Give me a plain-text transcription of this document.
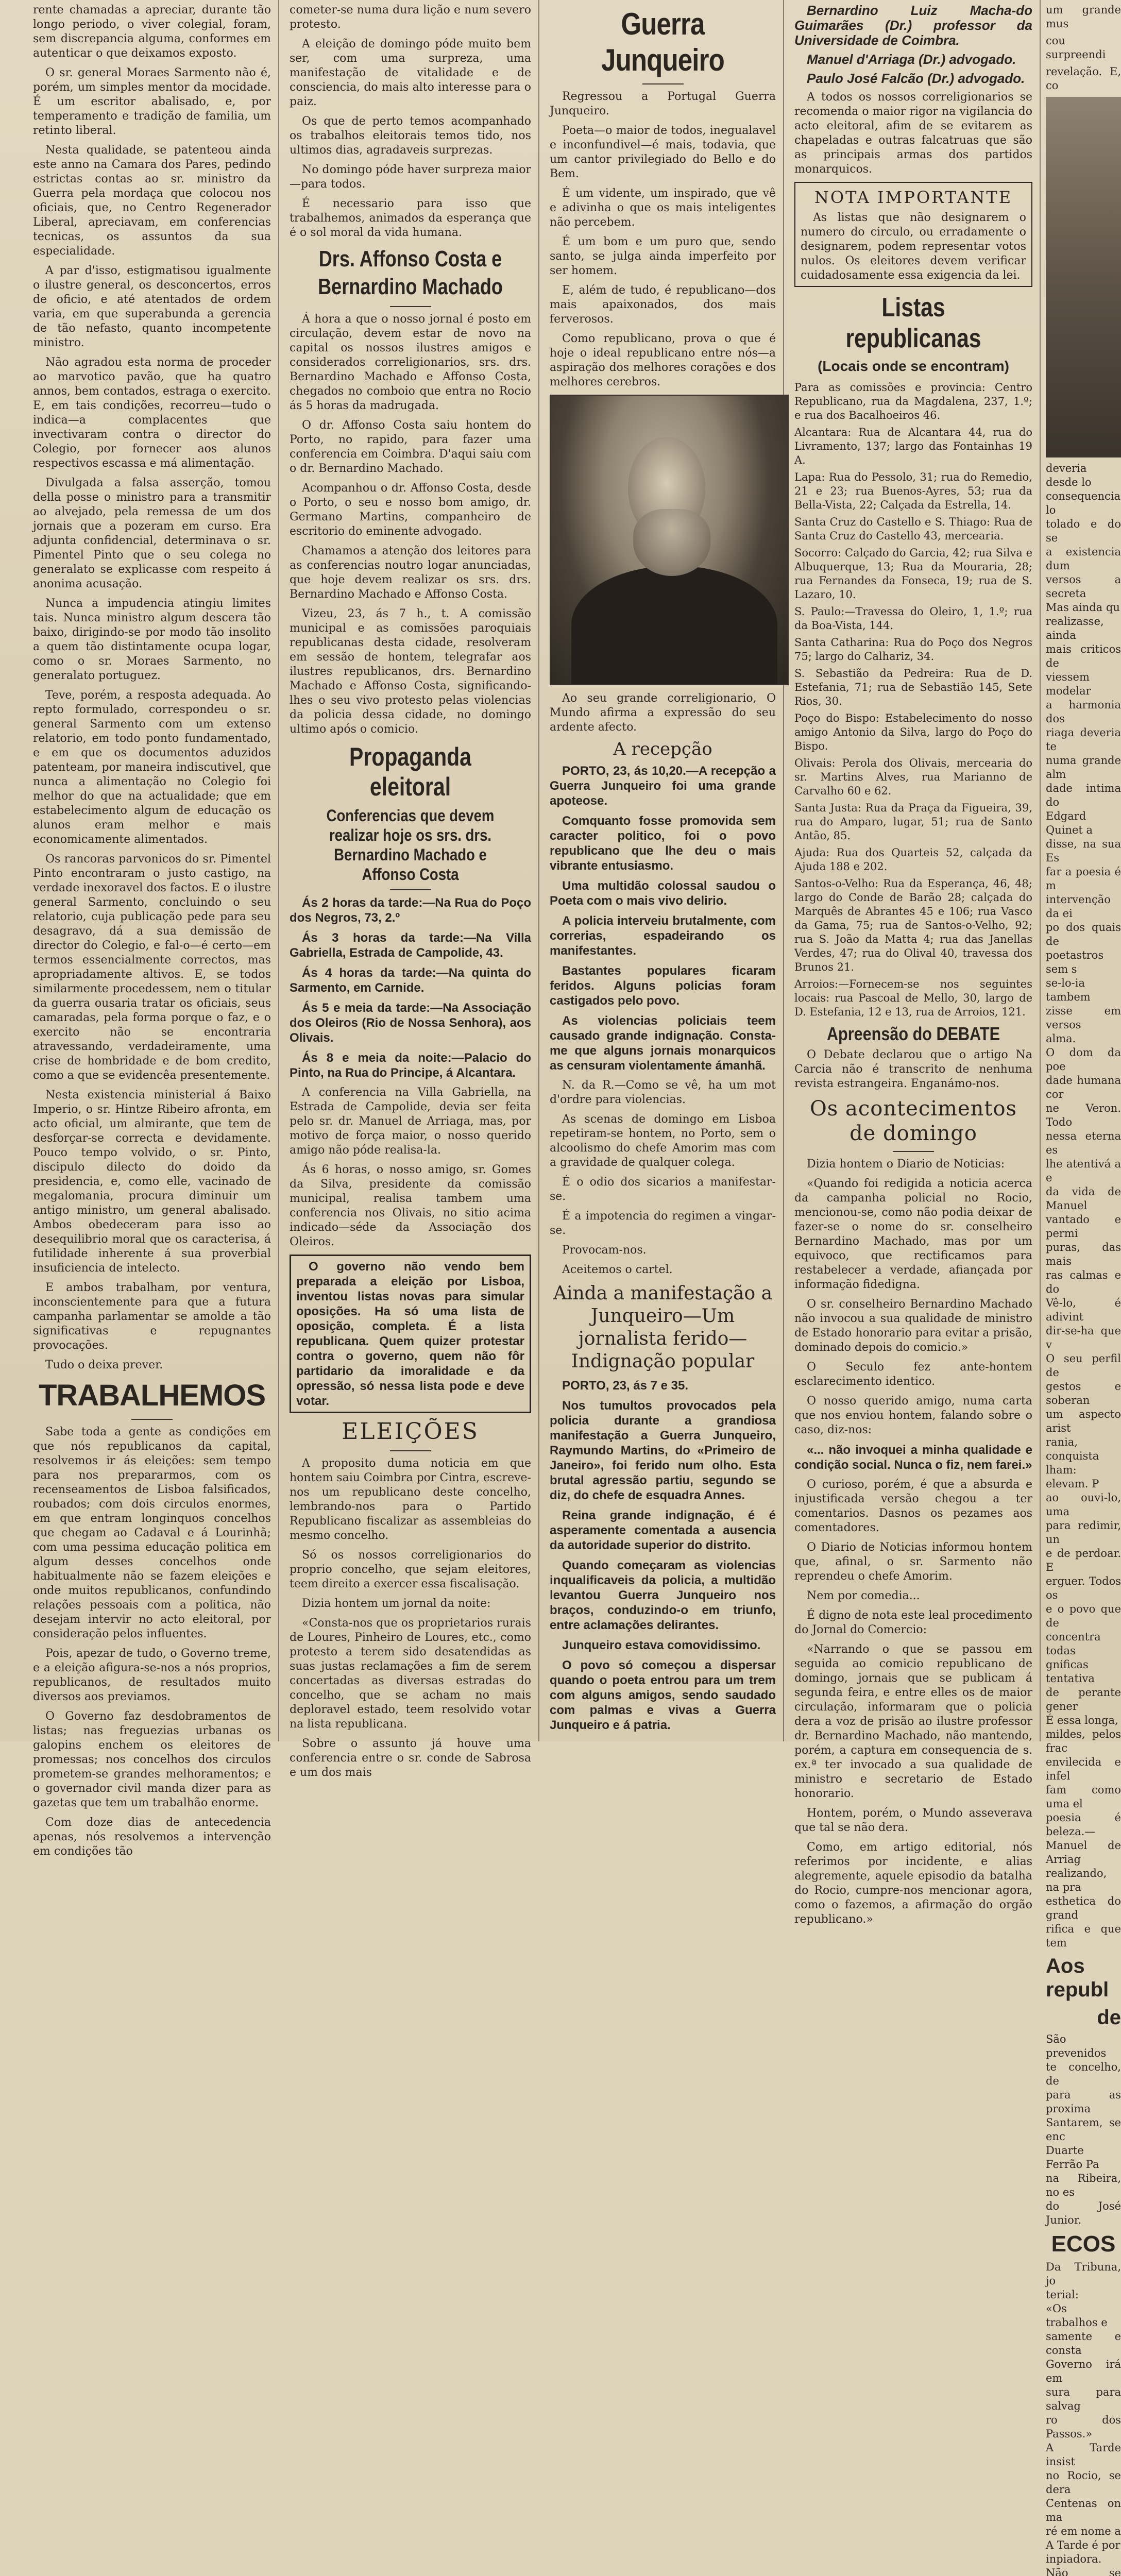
rente chamadas a apreciar, durante tão longo periodo, o viver colegial, foram, sem discrepancia alguma, conformes em autenticar o que deixamos exposto.

O sr. general Moraes Sarmento não é, porém, um simples mentor da mocidade. É um escritor abalisado, e, por temperamento e tradição de familia, um retinto liberal.

Nesta qualidade, se patenteou ainda este anno na Camara dos Pares, pedindo estrictas contas ao sr. ministro da Guerra pela mordaça que colocou nos oficiais, que, no Centro Regenerador Liberal, apreciavam, em conferencias tecnicas, os assuntos da sua especialidade.

A par d'isso, estigmatisou igualmente o ilustre general, os desconcertos, erros de oficio, e até atentados de ordem varia, em que superabunda a gerencia de tão nefasto, quanto incompetente ministro.

Não agradou esta norma de proceder ao marvotico pavão, que ha quatro annos, bem contados, estraga o exercito. E, em tais condições, recorreu—tudo o indica—a complacentes que invectivaram contra o director do Colegio, por fornecer aos alunos respectivos escassa e má alimentação.

Divulgada a falsa asserção, tomou della posse o ministro para a transmitir ao alvejado, pela remessa de um dos jornais que a pozeram em curso. Era adjunta confidencial, determinava o sr. Pimentel Pinto que o seu colega no generalato se explicasse com respeito á anonima acusação.

Nunca a impudencia atingiu limites tais. Nunca ministro algum descera tão baixo, dirigindo-se por modo tão insolito a quem tão distintamente ocupa logar, como o sr. Moraes Sarmento, no generalato portuguez.

Teve, porém, a resposta adequada. Ao repto formulado, correspondeu o sr. general Sarmento com um extenso relatorio, em todo ponto fundamentado, e em que os documentos aduzidos patenteam, por maneira indiscutivel, que nunca a alimentação no Colegio foi melhor do que na actualidade; que em estabelecimento algum de educação os alunos eram melhor e mais economicamente alimentados.

Os rancoras parvonicos do sr. Pimentel Pinto encontraram o justo castigo, na verdade inexoravel dos factos. E o ilustre general Sarmento, concluindo o seu relatorio, cuja publicação pede para seu desagravo, dá a sua demissão de director do Colegio, e fal-o—é certo—em termos essencialmente correctos, mas apropriadamente altivos. E, se todos similarmente procedessem, nem o titular da guerra ousaria tratar os oficiais, seus camaradas, pela forma porque o faz, e o exercito não se encontraria atravessando, verdadeiramente, uma crise de hombridade e de bom credito, como a que se evidencêa presentemente.

Nesta existencia ministerial á Baixo Imperio, o sr. Hintze Ribeiro afronta, em acto oficial, um almirante, que tem de desforçar-se correcta e devidamente. Pouco tempo volvido, o sr. Pinto, discipulo dilecto do doido da presidencia, e, como elle, vacinado de megalomania, procura diminuir um antigo ministro, um general abalisado. Ambos obedeceram para isso ao desequilibrio moral que os caracterisa, á futilidade inherente á sua proverbial insuficiencia de intelecto.

E ambos trabalham, por ventura, inconscientemente para que a futura campanha parlamentar se amolde a tão significativas e repugnantes provocações.

Tudo o deixa prever.

TRABALHEMOS

Sabe toda a gente as condições em que nós republicanos da capital, resolvemos ir ás eleições: sem tempo para nos prepararmos, com os recenseamentos de Lisboa falsificados, roubados; com dois circulos enormes, em que entram longinquos concelhos que chegam ao Cadaval e á Lourinhã; com uma pessima educação politica em algum desses concelhos onde habitualmente não se fazem eleições e onde muitos republicanos, confundindo relações pessoais com a politica, não desejam intervir no acto eleitoral, por consideração pelos influentes.

Pois, apezar de tudo, o Governo treme, e a eleição afigura-se-nos a nós proprios, republicanos, de resultados muito diversos aos previamos.

O Governo faz desdobramentos de listas; nas freguezias urbanas os galopins enchem os eleitores de promessas; nos concelhos dos circulos prometem-se grandes melhoramentos; e o governador civil manda dizer para as gazetas que tem um trabalhão enorme.

Com doze dias de antecedencia apenas, nós resolvemos a intervenção em condições tão

cometer-se numa dura lição e num severo protesto.

A eleição de domingo póde muito bem ser, com uma surpreza, uma manifestação de vitalidade e de consciencia, do mais alto interesse para o paiz.

Os que de perto temos acompanhado os trabalhos eleitorais temos tido, nos ultimos dias, agradaveis surprezas.

No domingo póde haver surpreza maior—para todos.

É necessario para isso que trabalhemos, animados da esperança que é o sol moral da vida humana.

Drs. Affonso Costa e Bernardino Machado

Á hora a que o nosso jornal é posto em circulação, devem estar de novo na capital os nossos ilustres amigos e considerados correligionarios, srs. drs. Bernardino Machado e Affonso Costa, chegados no comboio que entra no Rocio ás 5 horas da madrugada.

O dr. Affonso Costa saiu hontem do Porto, no rapido, para fazer uma conferencia em Coimbra. D'aqui saiu com o dr. Bernardino Machado.

Acompanhou o dr. Affonso Costa, desde o Porto, o seu e nosso bom amigo, dr. Germano Martins, companheiro de escritorio do eminente advogado.

Chamamos a atenção dos leitores para as conferencias noutro logar anunciadas, que hoje devem realizar os srs. drs. Bernardino Machado e Affonso Costa.

Vizeu, 23, ás 7 h., t. A comissão municipal e as comissões paroquiais republicanas desta cidade, resolveram em sessão de hontem, telegrafar aos ilustres republicanos, drs. Bernardino Machado e Affonso Costa, significando-lhes o seu vivo protesto pelas violencias da policia dessa cidade, no domingo ultimo após o comicio.

Propaganda eleitoral
Conferencias que devem realizar hoje os srs. drs. Bernardino Machado e Affonso Costa

Ás 2 horas da tarde:—Na Rua do Poço dos Negros, 73, 2.º

Ás 3 horas da tarde:—Na Villa Gabriella, Estrada de Campolide, 43.

Ás 4 horas da tarde:—Na quinta do Sarmento, em Carnide.

Ás 5 e meia da tarde:—Na Associação dos Oleiros (Rio de Nossa Senhora), aos Olivais.

Ás 8 e meia da noite:—Palacio do Pinto, na Rua do Principe, á Alcantara.

A conferencia na Villa Gabriella, na Estrada de Campolide, devia ser feita pelo sr. dr. Manuel de Arriaga, mas, por motivo de força maior, o nosso querido amigo não póde realisa-la.

Ás 6 horas, o nosso amigo, sr. Gomes da Silva, presidente da comissão municipal, realisa tambem uma conferencia nos Olivais, no sitio acima indicado—séde da Associação dos Oleiros.

O governo não vendo bem preparada a eleição por Lisboa, inventou listas novas para simular oposições. Ha só uma lista de oposição, completa. É a lista republicana. Quem quizer protestar contra o governo, quem não fôr partidario da imoralidade e da opressão, só nessa lista pode e deve votar.

ELEIÇÕES

A proposito duma noticia em que hontem saiu Coimbra por Cintra, escreve-nos um republicano deste concelho, lembrando-nos para o Partido Republicano fiscalizar as assembleias do mesmo concelho.

Só os nossos correligionarios do proprio concelho, que sejam eleitores, teem direito a exercer essa fiscalisação.

Dizia hontem um jornal da noite:

«Consta-nos que os proprietarios rurais de Loures, Pinheiro de Loures, etc., como protesto a terem sido desatendidas as suas justas reclamações a fim de serem concertadas as diversas estradas do concelho, que se acham no mais deploravel estado, teem resolvido votar na lista republicana.

Sobre o assunto já houve uma conferencia entre o sr. conde de Sabrosa e um dos mais

Guerra Junqueiro

Regressou a Portugal Guerra Junqueiro.

Poeta—o maior de todos, inegualavel e inconfundivel—é mais, todavia, que um cantor privilegiado do Bello e do Bem.

É um vidente, um inspirado, que vê e adivinha o que os mais inteligentes não percebem.

É um bom e um puro que, sendo santo, se julga ainda imperfeito por ser homem.

E, além de tudo, é republicano—dos mais apaixonados, dos mais ferverosos.

Como republicano, prova o que é hoje o ideal republicano entre nós—a aspiração dos melhores corações e dos melhores cerebros.

Ao seu grande correligionario, O Mundo afirma a expressão do seu ardente afecto.

A recepção

PORTO, 23, ás 10,20.—A recepção a Guerra Junqueiro foi uma grande apoteose.

Comquanto fosse promovida sem caracter politico, foi o povo republicano que lhe deu o mais vibrante entusiasmo.

Uma multidão colossal saudou o Poeta com o mais vivo delirio.

A policia interveiu brutalmente, com correrias, espadeirando os manifestantes.

Bastantes populares ficaram feridos. Alguns policias foram castigados pelo povo.

As violencias policiais teem causado grande indignação. Consta-me que alguns jornais monarquicos as censuram violentamente ámanhã.

N. da R.—Como se vê, ha um mot d'ordre para violencias.

As scenas de domingo em Lisboa repetiram-se hontem, no Porto, sem o alcoolismo do chefe Amorim mas com a gravidade de qualquer colega.

É o odio dos sicarios a manifestar-se.

É a impotencia do regimen a vingar-se.

Provocam-nos.

Aceitemos o cartel.

Ainda a manifestação a Junqueiro—Um jornalista ferido—Indignação popular

PORTO, 23, ás 7 e 35.

Nos tumultos provocados pela policia durante a grandiosa manifestação a Guerra Junqueiro, Raymundo Martins, do «Primeiro de Janeiro», foi ferido num olho. Esta brutal agressão partiu, segundo se diz, do chefe de esquadra Annes.

Reina grande indignação, é é asperamente comentada a ausencia da autoridade superior do distrito.

Quando começaram as violencias inqualificaveis da policia, a multidão levantou Guerra Junqueiro nos braços, conduzindo-o em triunfo, entre aclamações delirantes.

Junqueiro estava comovidissimo.

O povo só começou a dispersar quando o poeta entrou para um trem com alguns amigos, sendo saudado com palmas e vivas a Guerra Junqueiro e á patria.

Bernardino Luiz Macha-do Guimarães (Dr.) professor da Universidade de Coimbra.

Manuel d'Arriaga (Dr.) advogado.

Paulo José Falcão (Dr.) advogado.

A todos os nossos correligionarios se recomenda o maior rigor na vigilancia do acto eleitoral, afim de se evitarem as chapeladas e outras falcatruas que são as principais armas dos partidos monarquicos.

NOTA IMPORTANTE

As listas que não designarem o numero do circulo, ou erradamente o designarem, podem representar votos nulos. Os eleitores devem verificar cuidadosamente essa exigencia da lei.

Listas republicanas
(Locais onde se encontram)

Para as comissões e provincia: Centro Republicano, rua da Magdalena, 237, 1.º; e rua dos Bacalhoeiros 46.

Alcantara: Rua de Alcantara 44, rua do Livramento, 137; largo das Fontainhas 19 A.

Lapa: Rua do Pessolo, 31; rua do Remedio, 21 e 23; rua Buenos-Ayres, 53; rua da Bella-Vista, 22; Calçada da Estrella, 14.

Santa Cruz do Castello e S. Thiago: Rua de Santa Cruz do Castello 43, mercearia.

Socorro: Calçado do Garcia, 42; rua Silva e Albuquerque, 13; Rua da Mouraria, 28; rua Fernandes da Fonseca, 19; rua de S. Lazaro, 10.

S. Paulo:—Travessa do Oleiro, 1, 1.º; rua da Boa-Vista, 144.

Santa Catharina: Rua do Poço dos Negros 75; largo do Calhariz, 34.

S. Sebastião da Pedreira: Rua de D. Estefania, 71; rua de Sebastião 145, Sete Rios, 30.

Poço do Bispo: Estabelecimento do nosso amigo Antonio da Silva, largo do Poço do Bispo.

Olivais: Perola dos Olivais, mercearia do sr. Martins Alves, rua Marianno de Carvalho 60 e 62.

Santa Justa: Rua da Praça da Figueira, 39, rua do Amparo, lugar, 51; rua de Santo Antão, 85.

Ajuda: Rua dos Quarteis 52, calçada da Ajuda 188 e 202.

Santos-o-Velho: Rua da Esperança, 46, 48; largo do Conde de Barão 28; calçada do Marquês de Abrantes 45 e 106; rua Vasco da Gama, 75; rua de Santos-o-Velho, 92; rua S. João da Matta 4; rua das Janellas Verdes, 47; rua do Olival 40, travessa dos Brunos 21.

Arroios:—Fornecem-se nos seguintes locais: rua Pascoal de Mello, 30, largo de D. Estefania, 12 e 13, rua de Arroios, 121.

Apreensão do DEBATE

O Debate declarou que o artigo Na Carcia não é transcrito de nenhuma revista estrangeira. Enganámo-nos.

Os acontecimentos de domingo

Dizia hontem o Diario de Noticias:

«Quando foi redigida a noticia acerca da campanha policial no Rocio, mencionou-se, como não podia deixar de fazer-se o nome do sr. conselheiro Bernardino Machado, mas por um equivoco, que rectificamos para restabelecer a verdade, afiançada por informação fidedigna.

O sr. conselheiro Bernardino Machado não invocou a sua qualidade de ministro de Estado honorario para evitar a prisão, dominado depois do comicio.»

O Seculo fez ante-hontem esclarecimento identico.

O nosso querido amigo, numa carta que nos enviou hontem, falando sobre o caso, diz-nos:

«... não invoquei a minha qualidade e condição social. Nunca o fiz, nem farei.»

O curioso, porém, é que a absurda e injustificada versão chegou a ter comentarios. Dasnos os pezames aos comentadores.

O Diario de Noticias informou hontem que, afinal, o sr. Sarmento não reprendeu o chefe Amorim.

Nem por comedia...

É digno de nota este leal procedimento do Jornal do Comercio:

«Narrando o que se passou em seguida ao comicio republicano de domingo, jornais que se publicam á segunda feira, e entre elles os de maior circulação, informaram que o policia dera a voz de prisão ao ilustre professor dr. Bernardino Machado, não mantendo, porém, a captura em consequencia de s. ex.ª ter invocado a sua qualidade de ministro e secretario de Estado honorario.

Hontem, porém, o Mundo asseverava que tal se não dera.

Como, em artigo editorial, nós referimos por incidente, e alias alegremente, aquele episodio da batalha do Rocio, cumpre-nos mencionar agora, como o fazemos, a afirmação do orgão republicano.»

um grande mus

cou surpreendi

revelação. E, co

deveria desde lo

consequencia lo

tolado e do se

a existencia dum

versos a secreta

Mas ainda qu

realizasse, ainda

mais criticos de

viessem modelar

a harmonia dos

riaga deveria te

numa grande alm

dade intima do

Edgard Quinet a

disse, na sua Es

far a poesia é m

intervenção da ei

po dos quais de

poetastros sem s

se-lo-ia tambem

zisse em versos

alma.

O dom da poe

dade humana cor

ne Veron. Todo

nessa eterna es

lhe atentivá a e

da vida de Manuel

vantado e permi

puras, das mais

ras calmas e do

Vê-lo, é adivint

dir-se-ha que v

O seu perfil de

gestos e soberan

um aspecto arist

rania, conquista

lham: elevam. P

ao ouvi-lo, uma

para redimir, un

e de perdoar. E

erguer. Todos os

e o povo que de

concentra todas

gnificas tentativa

de perante gener

É essa longa,

mildes, pelos frac

envilecida e infel

fam como uma el

poesia é beleza.—

Manuel de Arriag

realizando, na pra

esthetica do grand

rifica e que tem

Aos republ
de

São prevenidos

te concelho, de

para as proxima

Santarem, se enc

Duarte Ferrão Pa

na Ribeira, no es

do José Junior.

ECOS

Da Tribuna, jo

terial:

«Os trabalhos e

samente e consta

Governo irá em

sura para salvag

ro dos Passos.»

A Tarde insist

no Rocio, se dera

Centenas on ma

ré em nome a

A Tarde é por

inpiadora.

Não se
